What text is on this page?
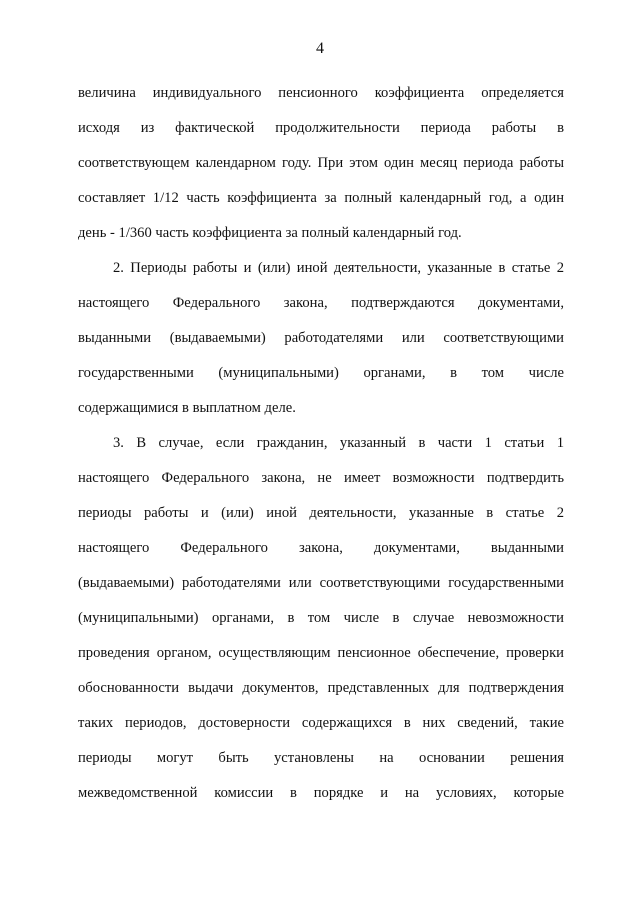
4
величина индивидуального пенсионного коэффициента определяется
исходя из фактической продолжительности периода работы в
соответствующем календарном году. При этом один месяц периода работы
составляет 1/12 часть коэффициента за полный календарный год, а один
день - 1/360 часть коэффициента за полный календарный год.
2. Периоды работы и (или) иной деятельности, указанные в статье 2
настоящего Федерального закона, подтверждаются документами,
выданными (выдаваемыми) работодателями или соответствующими
государственными (муниципальными) органами, в том числе
содержащимися в выплатном деле.
3. В случае, если гражданин, указанный в части 1 статьи 1
настоящего Федерального закона, не имеет возможности подтвердить
периоды работы и (или) иной деятельности, указанные в статье 2
настоящего Федерального закона, документами, выданными
(выдаваемыми) работодателями или соответствующими государственными
(муниципальными) органами, в том числе в случае невозможности
проведения органом, осуществляющим пенсионное обеспечение, проверки
обоснованности выдачи документов, представленных для подтверждения
таких периодов, достоверности содержащихся в них сведений, такие
периоды могут быть установлены на основании решения
межведомственной комиссии в порядке и на условиях, которые
